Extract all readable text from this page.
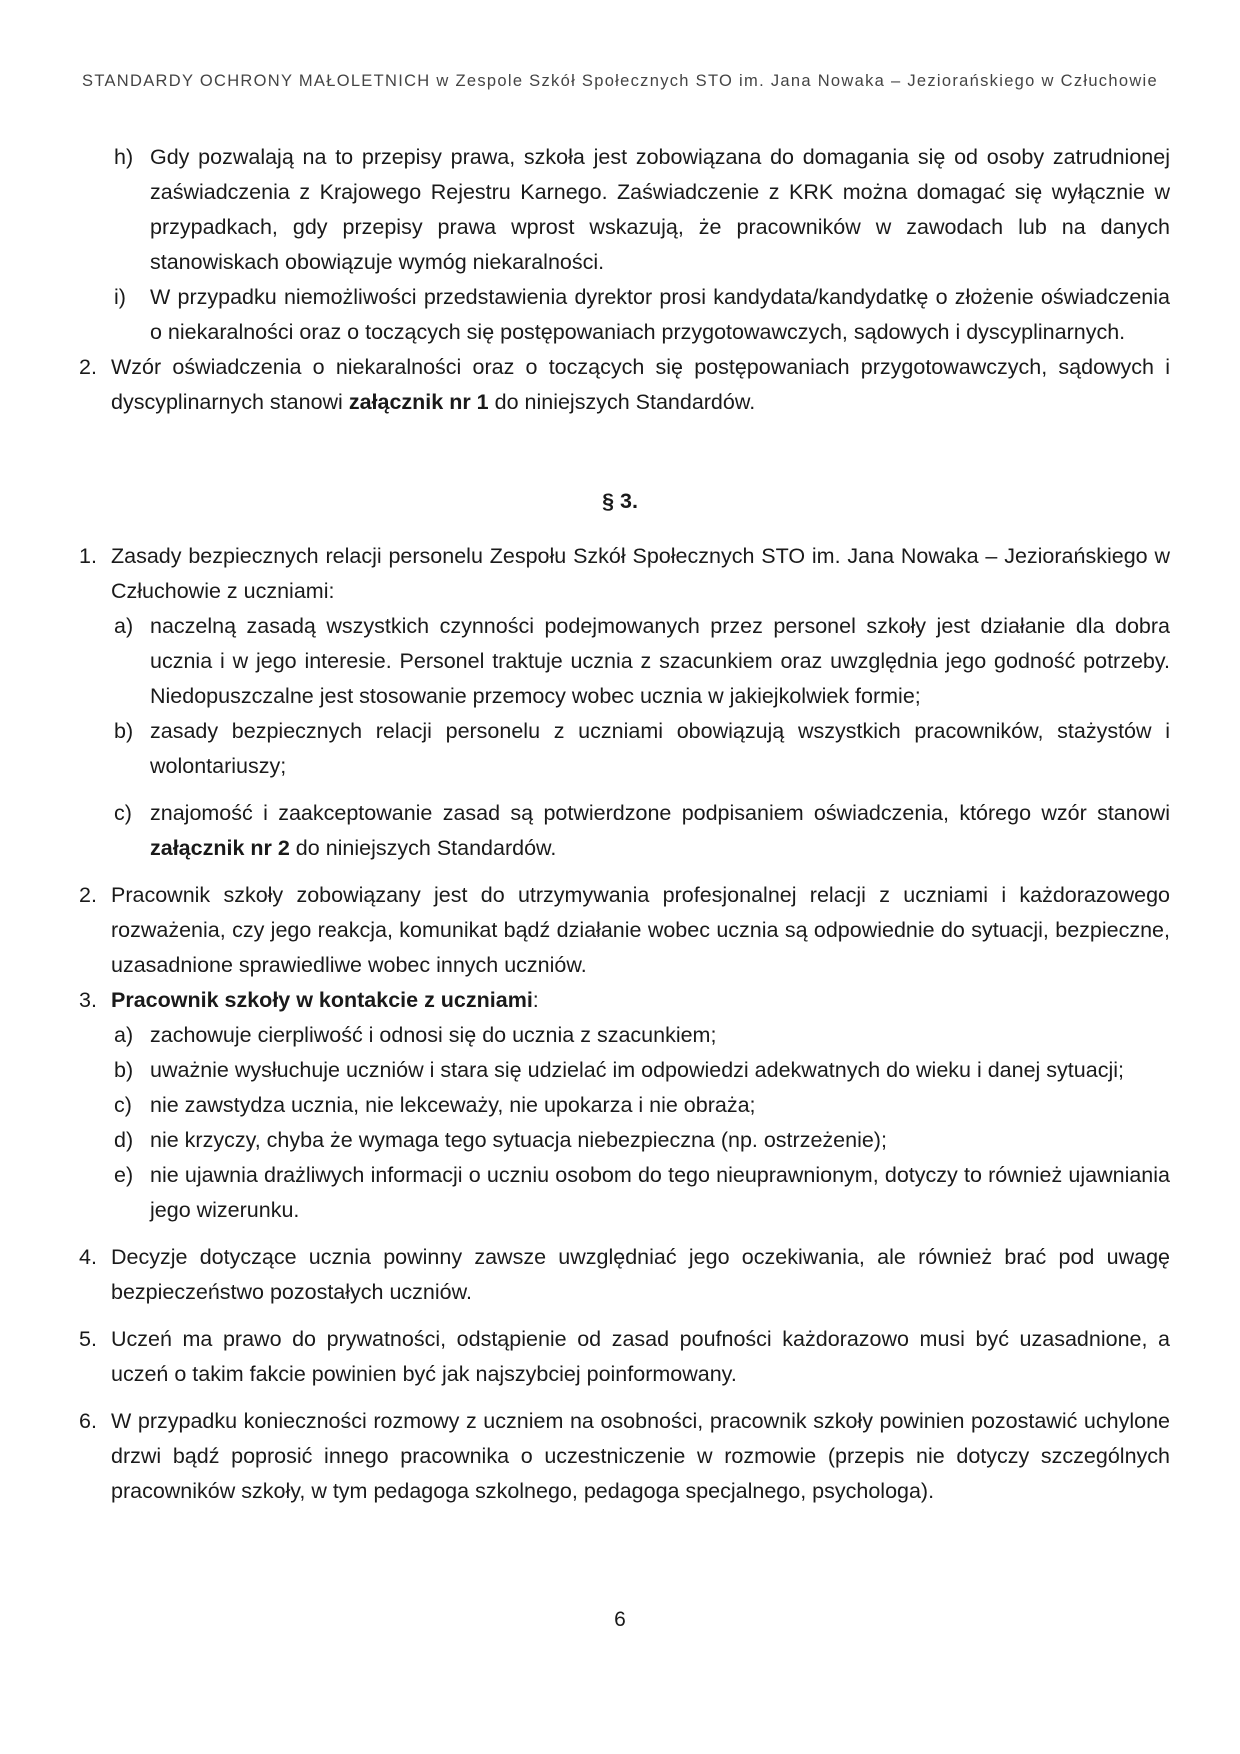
STANDARDY OCHRONY MAŁOLETNICH w Zespole Szkół Społecznych STO im. Jana Nowaka – Jeziorańskiego w Człuchowie
h) Gdy pozwalają na to przepisy prawa, szkoła jest zobowiązana do domagania się od osoby zatrudnionej zaświadczenia z Krajowego Rejestru Karnego. Zaświadczenie z KRK można domagać się wyłącznie w przypadkach, gdy przepisy prawa wprost wskazują, że pracowników w zawodach lub na danych stanowiskach obowiązuje wymóg niekaralności.
i) W przypadku niemożliwości przedstawienia dyrektor prosi kandydata/kandydatkę o złożenie oświadczenia o niekaralności oraz o toczących się postępowaniach przygotowawczych, sądowych i dyscyplinarnych.
2. Wzór oświadczenia o niekaralności oraz o toczących się postępowaniach przygotowawczych, sądowych i dyscyplinarnych stanowi załącznik nr 1 do niniejszych Standardów.
§ 3.
1. Zasady bezpiecznych relacji personelu Zespołu Szkół Społecznych STO im. Jana Nowaka – Jeziorańskiego w Człuchowie z uczniami:
a) naczelną zasadą wszystkich czynności podejmowanych przez personel szkoły jest działanie dla dobra ucznia i w jego interesie. Personel traktuje ucznia z szacunkiem oraz uwzględnia jego godność potrzeby. Niedopuszczalne jest stosowanie przemocy wobec ucznia w jakiejkolwiek formie;
b) zasady bezpiecznych relacji personelu z uczniami obowiązują wszystkich pracowników, stażystów i wolontariuszy;
c) znajomość i zaakceptowanie zasad są potwierdzone podpisaniem oświadczenia, którego wzór stanowi załącznik nr 2 do niniejszych Standardów.
2. Pracownik szkoły zobowiązany jest do utrzymywania profesjonalnej relacji z uczniami i każdorazowego rozważenia, czy jego reakcja, komunikat bądź działanie wobec ucznia są odpowiednie do sytuacji, bezpieczne, uzasadnione sprawiedliwe wobec innych uczniów.
3. Pracownik szkoły w kontakcie z uczniami:
a) zachowuje cierpliwość i odnosi się do ucznia z szacunkiem;
b) uważnie wysłuchuje uczniów i stara się udzielać im odpowiedzi adekwatnych do wieku i danej sytuacji;
c) nie zawstydza ucznia, nie lekceważy, nie upokarza i nie obraża;
d) nie krzyczy, chyba że wymaga tego sytuacja niebezpieczna (np. ostrzeżenie);
e) nie ujawnia drażliwych informacji o uczniu osobom do tego nieuprawnionym, dotyczy to również ujawniania jego wizerunku.
4. Decyzje dotyczące ucznia powinny zawsze uwzględniać jego oczekiwania, ale również brać pod uwagę bezpieczeństwo pozostałych uczniów.
5. Uczeń ma prawo do prywatności, odstąpienie od zasad poufności każdorazowo musi być uzasadnione, a uczeń o takim fakcie powinien być jak najszybciej poinformowany.
6. W przypadku konieczności rozmowy z uczniem na osobności, pracownik szkoły powinien pozostawić uchylone drzwi bądź poprosić innego pracownika o uczestniczenie w rozmowie (przepis nie dotyczy szczególnych pracowników szkoły, w tym pedagoga szkolnego, pedagoga specjalnego, psychologa).
6
